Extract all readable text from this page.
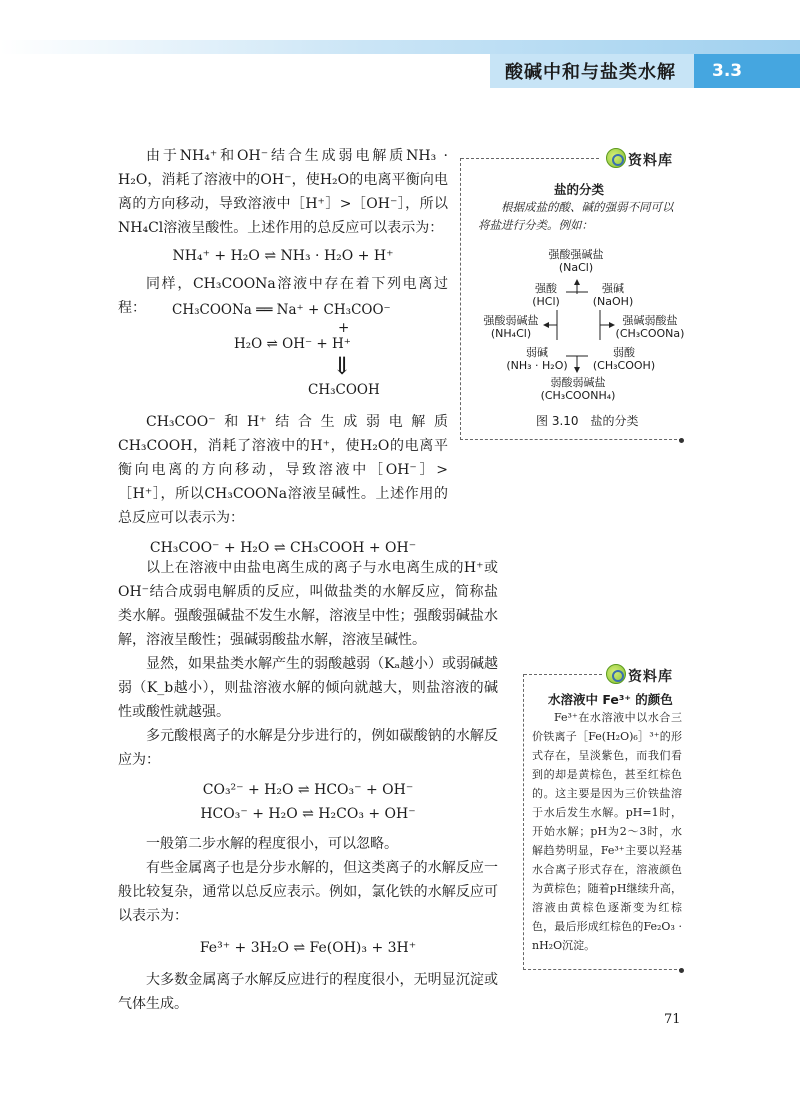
酸碱中和与盐类水解	3.3

由于NH₄⁺和OH⁻结合生成弱电解质NH₃ · H₂O，消耗了溶液中的OH⁻，使H₂O的电离平衡向电离的方向移动，导致溶液中［H⁺］>［OH⁻］，所以NH₄Cl溶液呈酸性。上述作用的总反应可以表示为：

NH₄⁺ + H₂O ⇌ NH₃ · H₂O + H⁺

同样，CH₃COONa溶液中存在着下列电离过程：	CH₃COONa ══ Na⁺ + CH₃COO⁻
+
H₂O ⇌ OH⁻ + H⁺
⇓
CH₃COOH

CH₃COO⁻和H⁺结合生成弱电解质CH₃COOH，消耗了溶液中的H⁺，使H₂O的电离平衡向电离的方向移动，导致溶液中［OH⁻］>［H⁺］，所以CH₃COONa溶液呈碱性。上述作用的总反应可以表示为：

CH₃COO⁻ + H₂O ⇌ CH₃COOH + OH⁻

以上在溶液中由盐电离生成的离子与水电离生成的H⁺或OH⁻结合成弱电解质的反应，叫做盐类的水解反应，简称盐类水解。强酸强碱盐不发生水解，溶液呈中性；强酸弱碱盐水解，溶液呈酸性；强碱弱酸盐水解，溶液呈碱性。

显然，如果盐类水解产生的弱酸越弱（Kₐ越小）或弱碱越弱（K_b越小），则盐溶液水解的倾向就越大，则盐溶液的碱性或酸性就越强。

多元酸根离子的水解是分步进行的，例如碳酸钠的水解反应为：

CO₃²⁻ + H₂O ⇌ HCO₃⁻ + OH⁻

HCO₃⁻ + H₂O ⇌ H₂CO₃ + OH⁻

一般第二步水解的程度很小，可以忽略。

有些金属离子也是分步水解的，但这类离子的水解反应一般比较复杂，通常以总反应表示。例如，氯化铁的水解反应可以表示为：

Fe³⁺ + 3H₂O ⇌ Fe(OH)₃ + 3H⁺

大多数金属离子水解反应进行的程度很小，无明显沉淀或气体生成。

资料库
盐的分类
根据成盐的酸、碱的强弱不同可以将盐进行分类。例如：
强酸强碱盐
(NaCl)
强酸
(HCl)
强碱
(NaOH)
强酸弱碱盐
(NH₄Cl)
强碱弱酸盐
(CH₃COONa)
弱碱
(NH₃ · H₂O)
弱酸
(CH₃COOH)
弱酸弱碱盐
(CH₃COONH₄)
图 3.10　盐的分类
资料库
水溶液中 Fe³⁺ 的颜色
Fe³⁺在水溶液中以水合三价铁离子［Fe(H₂O)₆］³⁺的形式存在，呈淡紫色，而我们看到的却是黄棕色，甚至红棕色的。这主要是因为三价铁盐溶于水后发生水解。pH=1时，开始水解；pH为2～3时，水解趋势明显，Fe³⁺主要以羟基水合离子形式存在，溶液颜色为黄棕色；随着pH继续升高，溶液由黄棕色逐渐变为红棕色，最后形成红棕色的Fe₂O₃ · nH₂O沉淀。
71
